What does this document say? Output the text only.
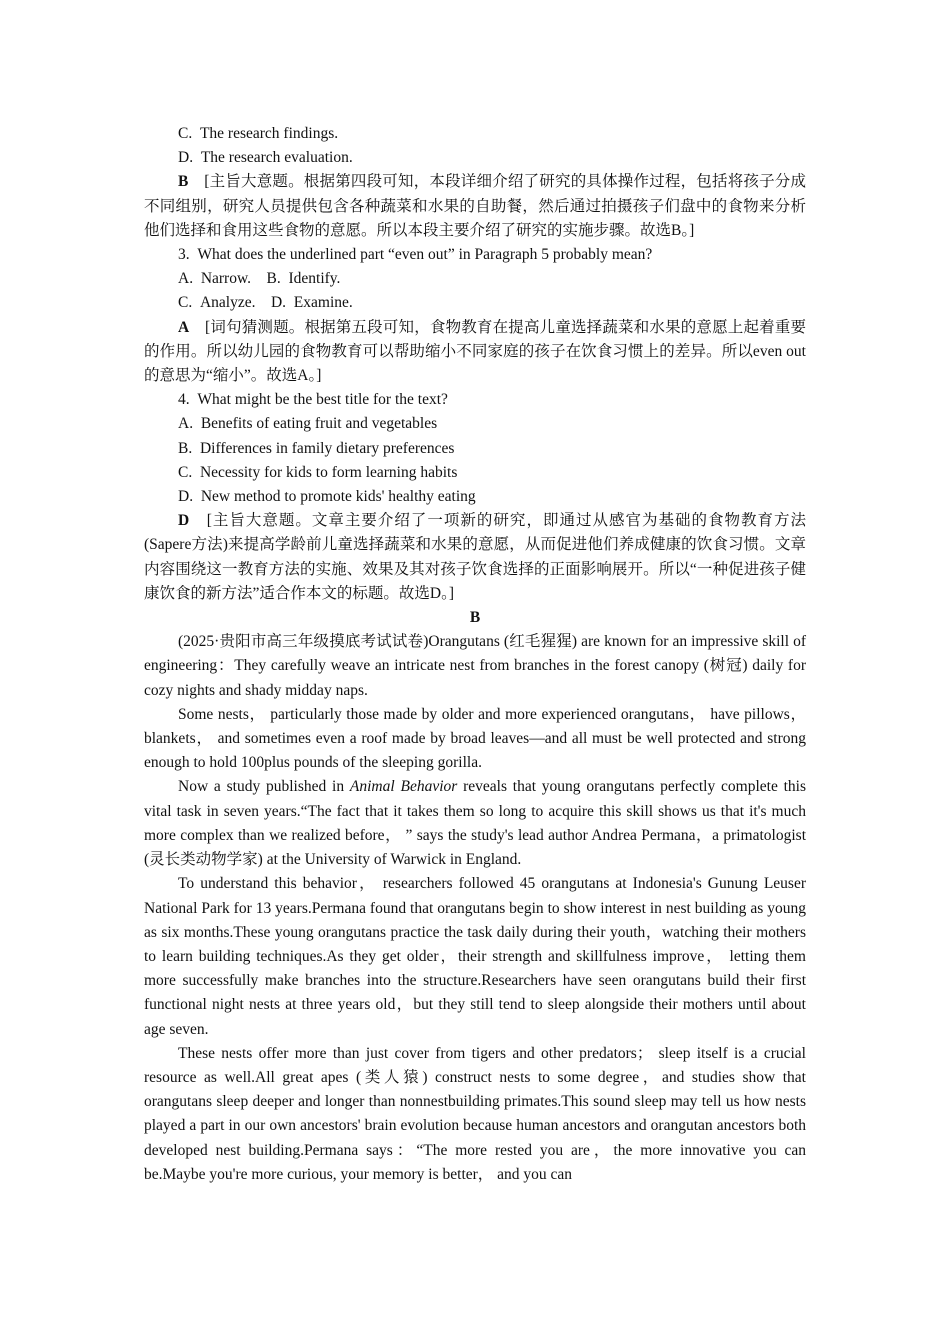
C. The research findings.

D. The research evaluation.

B　[主旨大意题。根据第四段可知，本段详细介绍了研究的具体操作过程，包括将孩子分成不同组别，研究人员提供包含各种蔬菜和水果的自助餐，然后通过拍摄孩子们盘中的食物来分析他们选择和食用这些食物的意愿。所以本段主要介绍了研究的实施步骤。故选B。]

3. What does the underlined part “even out” in Paragraph 5 probably mean?

A. Narrow. B. Identify.

C. Analyze. D. Examine.

A　[词句猜测题。根据第五段可知，食物教育在提高儿童选择蔬菜和水果的意愿上起着重要的作用。所以幼儿园的食物教育可以帮助缩小不同家庭的孩子在饮食习惯上的差异。所以even out的意思为“缩小”。故选A。]

4. What might be the best title for the text?

A. Benefits of eating fruit and vegetables

B. Differences in family dietary preferences

C. Necessity for kids to form learning habits

D. New method to promote kids' healthy eating

D　[主旨大意题。文章主要介绍了一项新的研究，即通过从感官为基础的食物教育方法(Sapere方法)来提高学龄前儿童选择蔬菜和水果的意愿，从而促进他们养成健康的饮食习惯。文章内容围绕这一教育方法的实施、效果及其对孩子饮食选择的正面影响展开。所以“一种促进孩子健康饮食的新方法”适合作本文的标题。故选D。]

B

(2025·贵阳市高三年级摸底考试试卷)Orangutans (红毛猩猩) are known for an impressive skill of engineering：They carefully weave an intricate nest from branches in the forest canopy (树冠) daily for cozy nights and shady midday naps.

Some nests， particularly those made by older and more experienced orangutans， have pillows， blankets， and sometimes even a roof made by broad leaves—and all must be well protected and strong enough to hold 100plus pounds of the sleeping gorilla.

Now a study published in Animal Behavior reveals that young orangutans perfectly complete this vital task in seven years.“The fact that it takes them so long to acquire this skill shows us that it's much more complex than we realized before， ” says the study's lead author Andrea Permana，a primatologist (灵长类动物学家) at the University of Warwick in England.

To understand this behavior， researchers followed 45 orangutans at Indonesia's Gunung Leuser National Park for 13 years.Permana found that orangutans begin to show interest in nest building as young as six months.These young orangutans practice the task daily during their youth，watching their mothers to learn building techniques.As they get older，their strength and skillfulness improve， letting them more successfully make branches into the structure.Researchers have seen orangutans build their first functional night nests at three years old，but they still tend to sleep alongside their mothers until about age seven.

These nests offer more than just cover from tigers and other predators； sleep itself is a crucial resource as well.All great apes (类人猿) construct nests to some degree，and studies show that orangutans sleep deeper and longer than nonnestbuilding primates.This sound sleep may tell us how nests played a part in our own ancestors' brain evolution because human ancestors and orangutan ancestors both developed nest building.Permana says：“The more rested you are，the more innovative you can be.Maybe you're more curious, your memory is better， and you can
